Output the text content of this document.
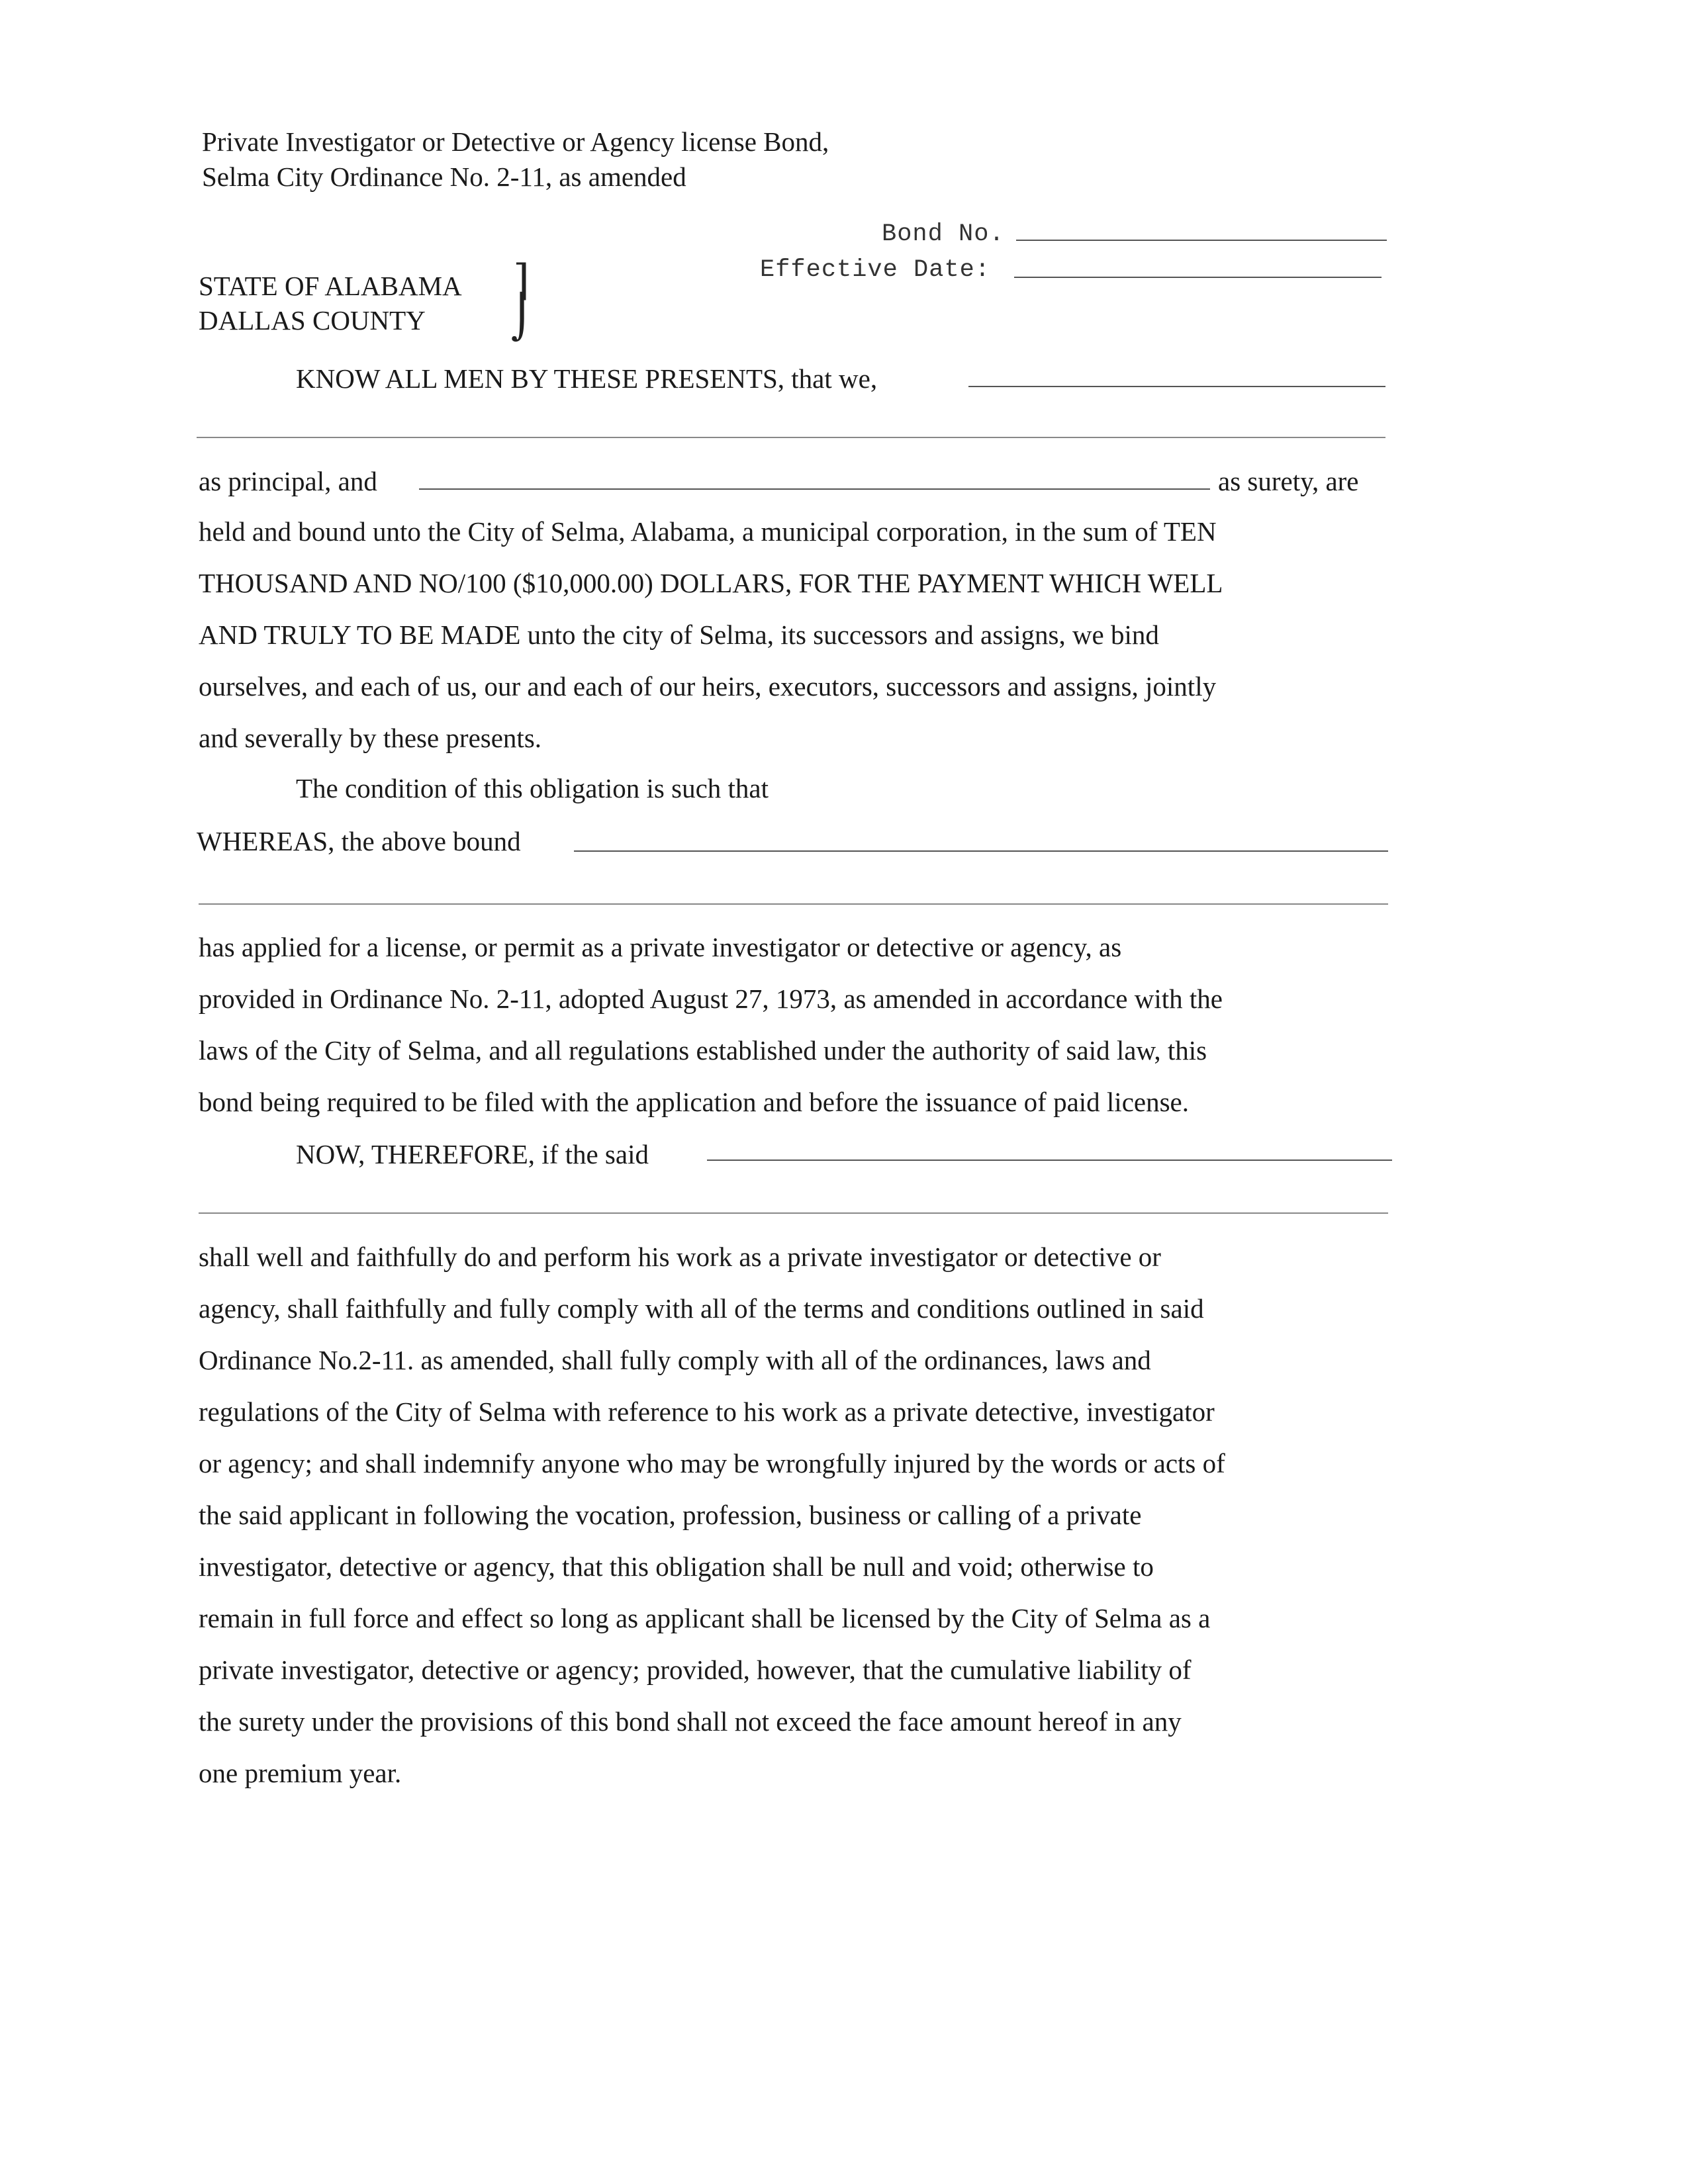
Private Investigator or Detective or Agency license Bond,
Selma City Ordinance No. 2-11, as amended
Bond No.
Effective Date:
STATE OF ALABAMA
DALLAS COUNTY
⌉
⌡
KNOW ALL MEN BY THESE PRESENTS, that we,
as principal, and	as surety, are

held and bound unto the City of Selma, Alabama, a municipal corporation, in the sum of TEN

THOUSAND AND NO/100 ($10,000.00) DOLLARS, FOR THE PAYMENT WHICH WELL

AND TRULY TO BE MADE unto the city of Selma, its successors and assigns, we bind

ourselves, and each of us, our and each of our heirs, executors, successors and assigns, jointly

and severally by these presents.

The condition of this obligation is such that
WHEREAS, the above bound

has applied for a license, or permit as a private investigator or detective or agency, as

provided in Ordinance No. 2-11, adopted August 27, 1973, as amended in accordance with the

laws of the City of Selma, and all regulations established under the authority of said law, this

bond being required to be filed with the application and before the issuance of paid license.

NOW, THEREFORE, if the said

shall well and faithfully do and perform his work as a private investigator or detective or

agency, shall faithfully and fully comply with all of the terms and conditions outlined in said

Ordinance No.2-11. as amended, shall fully comply with all of the ordinances, laws and

regulations of the City of Selma with reference to his work as a private detective, investigator

or agency; and shall indemnify anyone who may be wrongfully injured by the words or acts of

the said applicant in following the vocation, profession, business or calling of a private

investigator, detective or agency, that this obligation shall be null and void; otherwise to

remain in full force and effect so long as applicant shall be licensed by the City of Selma as a

private investigator, detective or agency; provided, however, that the cumulative liability of

the surety under the provisions of this bond shall not exceed the face amount hereof in any

one premium year.
